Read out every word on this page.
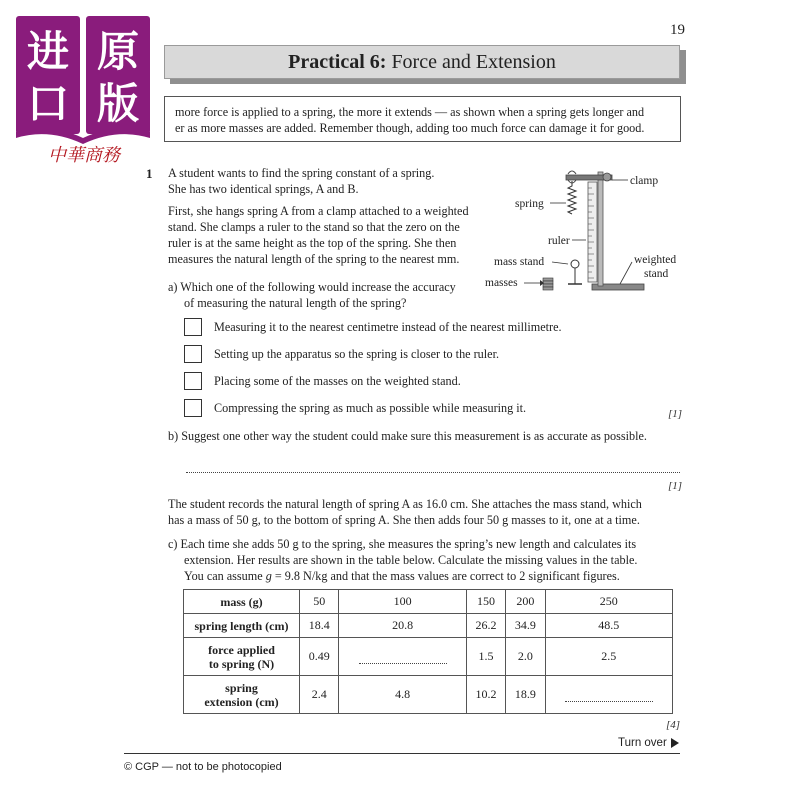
进 原
口 版
中華商務
19
Practical 6: Force and Extension
more force is applied to a spring, the more it extends — as shown when a spring gets longer and
er as more masses are added. Remember though, adding too much force can damage it for good.
1 A student wants to find the spring constant of a spring.
She has two identical springs, A and B.
First, she hangs spring A from a clamp attached to a weighted
stand. She clamps a ruler to the stand so that the zero on the
ruler is at the same height as the top of the spring. She then
measures the natural length of the spring to the nearest mm.
clamp
spring
ruler
mass stand
masses
weighted
stand
a) Which one of the following would increase the accuracy
of measuring the natural length of the spring?
Measuring it to the nearest centimetre instead of the nearest millimetre.
Setting up the apparatus so the spring is closer to the ruler.
Placing some of the masses on the weighted stand.
Compressing the spring as much as possible while measuring it.	[1]
b) Suggest one other way the student could make sure this measurement is as accurate as possible.
[1]
The student records the natural length of spring A as 16.0 cm. She attaches the mass stand, which
has a mass of 50 g, to the bottom of spring A. She then adds four 50 g masses to it, one at a time.
c) Each time she adds 50 g to the spring, she measures the spring’s new length and calculates its
extension. Her results are shown in the table below. Calculate the missing values in the table.
You can assume g = 9.8 N/kg and that the mass values are correct to 2 significant figures.
mass (g)	50	100	150	200	250

spring length (cm)	18.4	20.8	26.2	34.9	48.5

force applied
to spring (N)	0.49		1.5	2.0	2.5

spring
extension (cm)	2.4	4.8	10.2	18.9	
[4]
Turn over
© CGP — not to be photocopied
